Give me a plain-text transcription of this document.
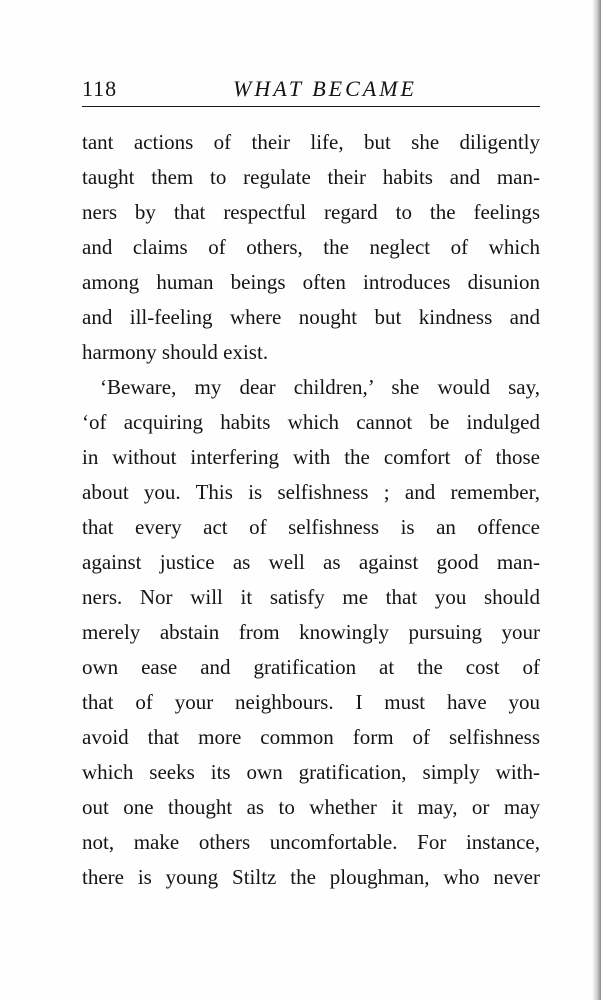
118	WHAT BECAME
tant actions of their life, but she diligently
taught them to regulate their habits and man-
ners by that respectful regard to the feelings
and claims of others, the neglect of which
among human beings often introduces disunion
and ill-feeling where nought but kindness and
harmony should exist.
‘Beware, my dear children,’ she would say,
‘of acquiring habits which cannot be indulged
in without interfering with the comfort of those
about you. This is selfishness ; and remember,
that every act of selfishness is an offence
against justice as well as against good man-
ners. Nor will it satisfy me that you should
merely abstain from knowingly pursuing your
own ease and gratification at the cost of
that of your neighbours. I must have you
avoid that more common form of selfishness
which seeks its own gratification, simply with-
out one thought as to whether it may, or may
not, make others uncomfortable. For instance,
there is young Stiltz the ploughman, who never
